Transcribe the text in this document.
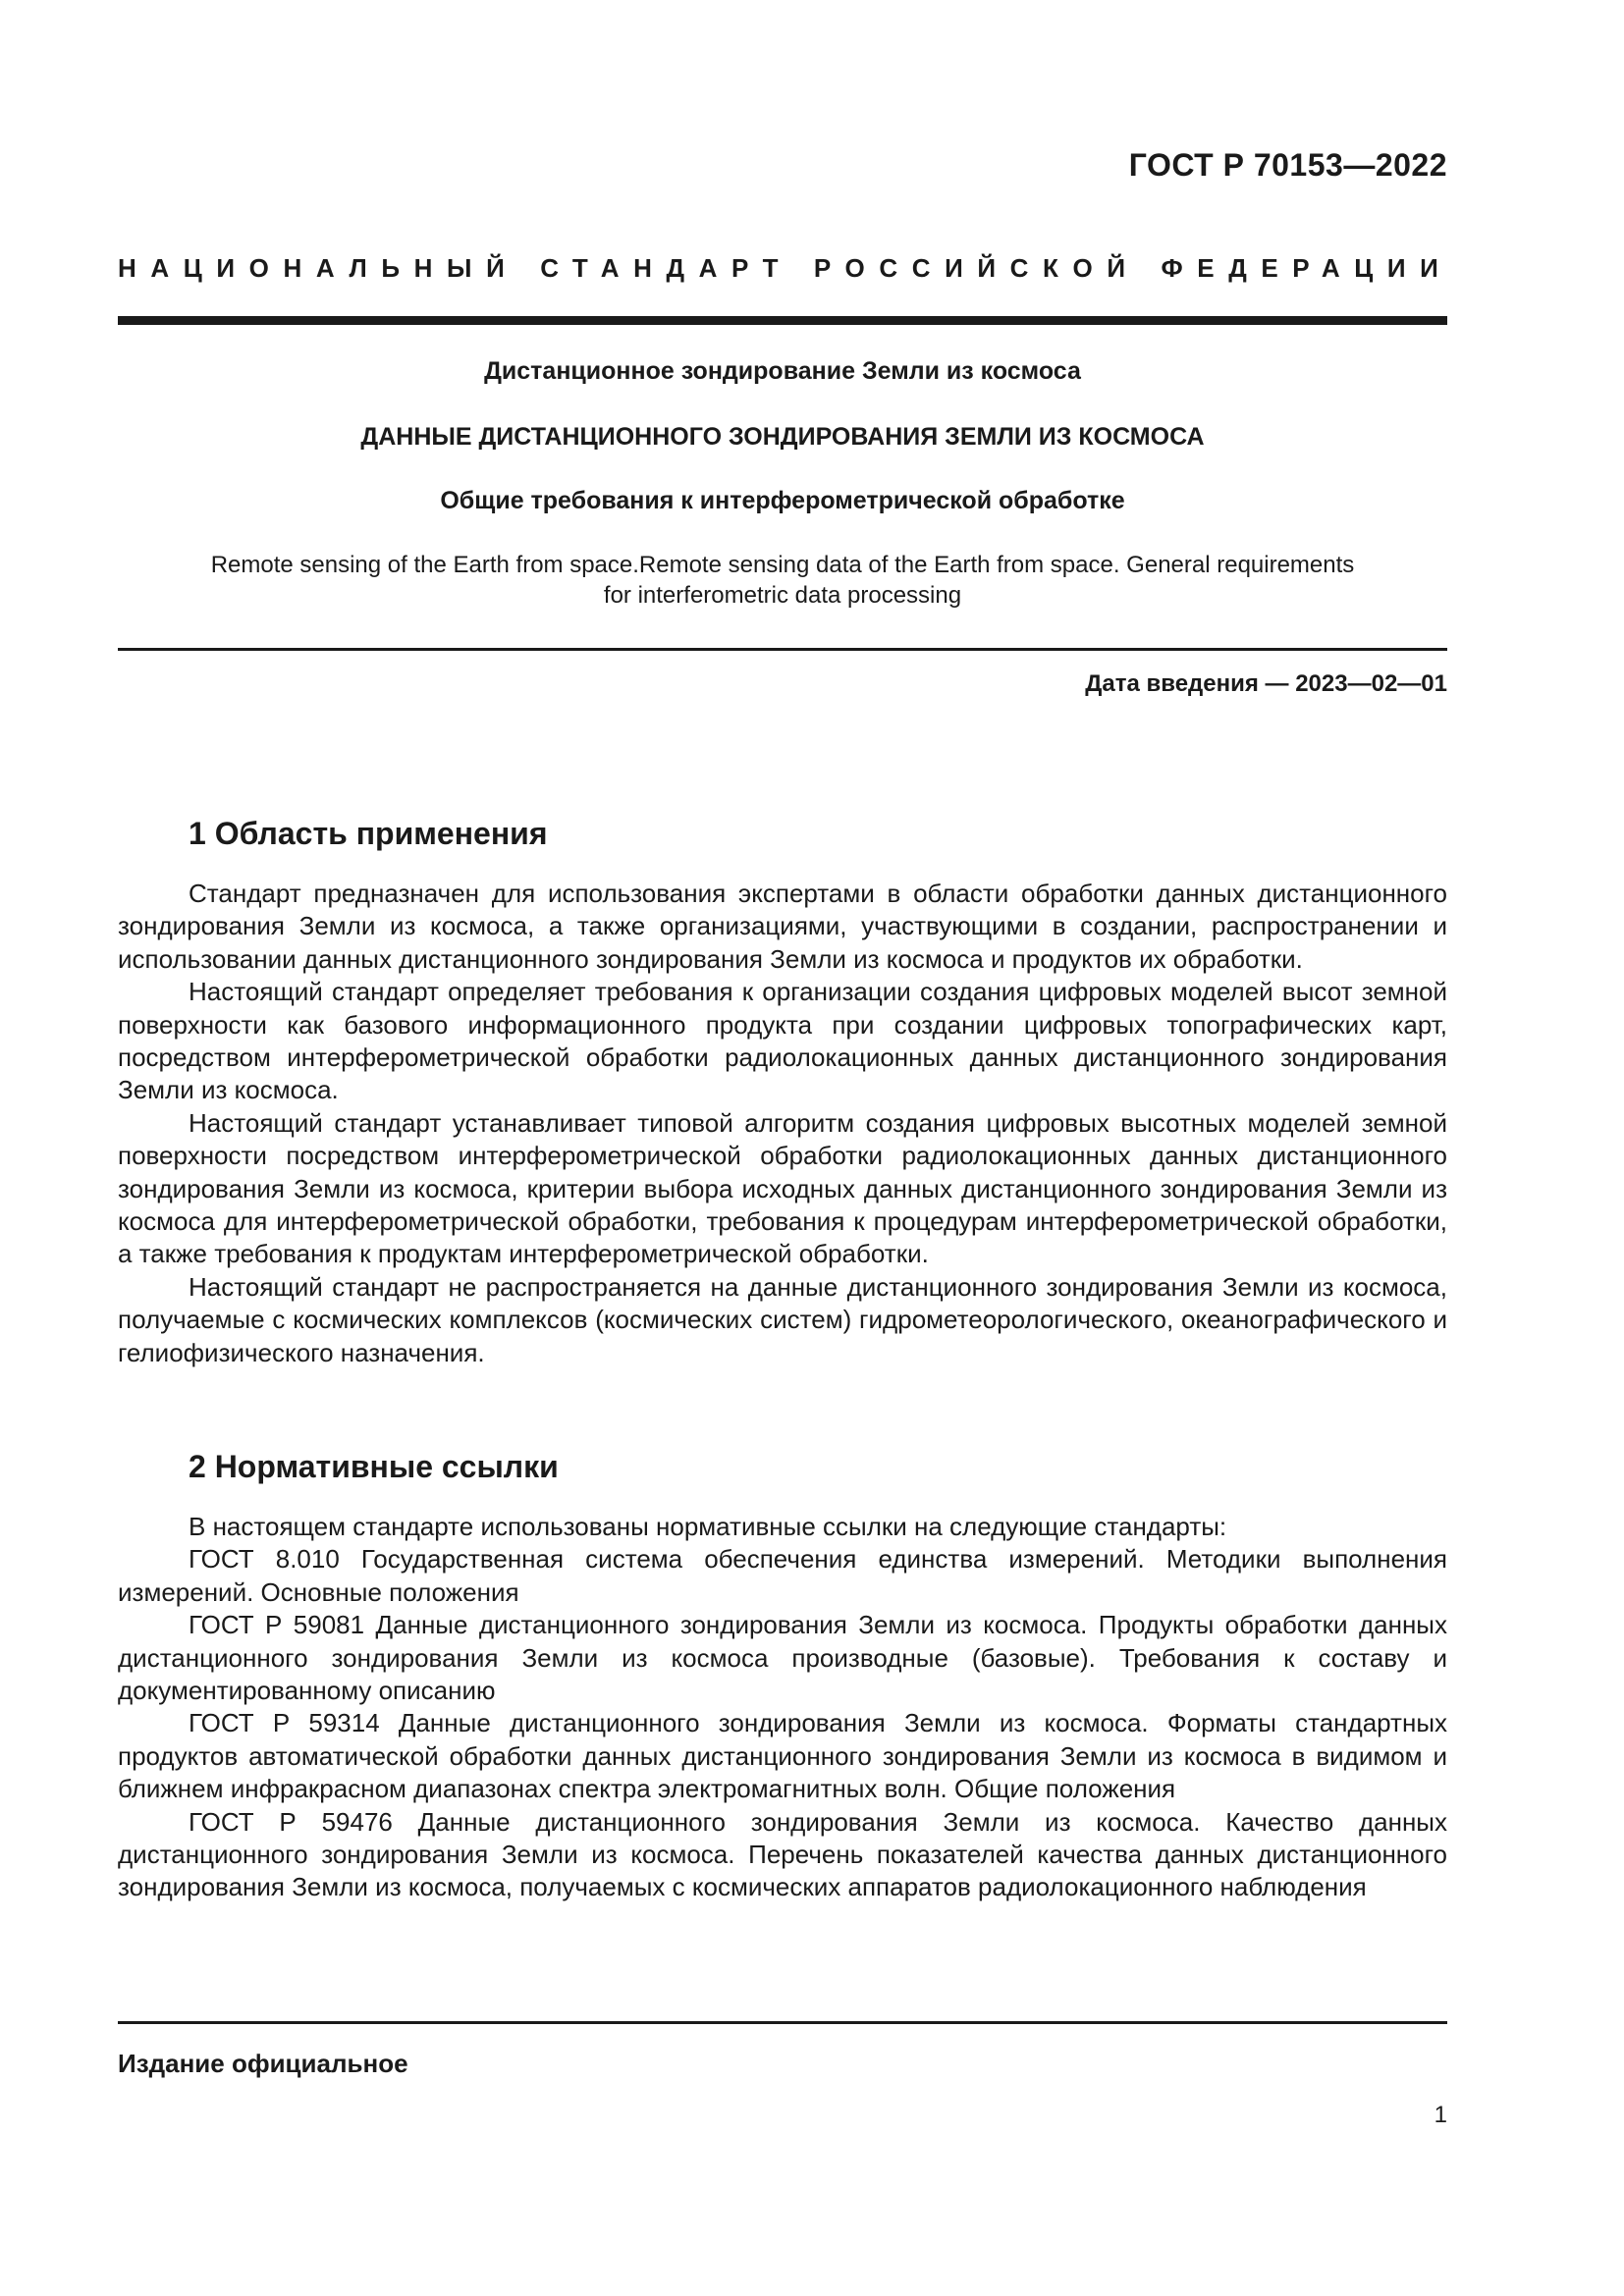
ГОСТ Р 70153—2022
НАЦИОНАЛЬНЫЙ СТАНДАРТ РОССИЙСКОЙ ФЕДЕРАЦИИ
Дистанционное зондирование Земли из космоса
ДАННЫЕ ДИСТАНЦИОННОГО ЗОНДИРОВАНИЯ ЗЕМЛИ ИЗ КОСМОСА
Общие требования к интерферометрической обработке
Remote sensing of the Earth from space.Remote sensing data of the Earth from space. General requirements
for interferometric data processing
Дата введения — 2023—02—01
1 Область применения

Стандарт предназначен для использования экспертами в области обработки данных дистанционного зондирования Земли из космоса, а также организациями, участвующими в создании, распространении и использовании данных дистанционного зондирования Земли из космоса и продуктов их обработки.

Настоящий стандарт определяет требования к организации создания цифровых моделей высот земной поверхности как базового информационного продукта при создании цифровых топографических карт, посредством интерферометрической обработки радиолокационных данных дистанционного зондирования Земли из космоса.

Настоящий стандарт устанавливает типовой алгоритм создания цифровых высотных моделей земной поверхности посредством интерферометрической обработки радиолокационных данных дистанционного зондирования Земли из космоса, критерии выбора исходных данных дистанционного зондирования Земли из космоса для интерферометрической обработки, требования к процедурам интерферометрической обработки, а также требования к продуктам интерферометрической обработки.

Настоящий стандарт не распространяется на данные дистанционного зондирования Земли из космоса, получаемые с космических комплексов (космических систем) гидрометеорологического, океанографического и гелиофизического назначения.

2 Нормативные ссылки

В настоящем стандарте использованы нормативные ссылки на следующие стандарты:

ГОСТ 8.010 Государственная система обеспечения единства измерений. Методики выполнения измерений. Основные положения

ГОСТ Р 59081 Данные дистанционного зондирования Земли из космоса. Продукты обработки данных дистанционного зондирования Земли из космоса производные (базовые). Требования к составу и документированному описанию

ГОСТ Р 59314 Данные дистанционного зондирования Земли из космоса. Форматы стандартных продуктов автоматической обработки данных дистанционного зондирования Земли из космоса в видимом и ближнем инфракрасном диапазонах спектра электромагнитных волн. Общие положения

ГОСТ Р 59476 Данные дистанционного зондирования Земли из космоса. Качество данных дистанционного зондирования Земли из космоса. Перечень показателей качества данных дистанционного зондирования Земли из космоса, получаемых с космических аппаратов радиолокационного наблюдения

Издание официальное
1
